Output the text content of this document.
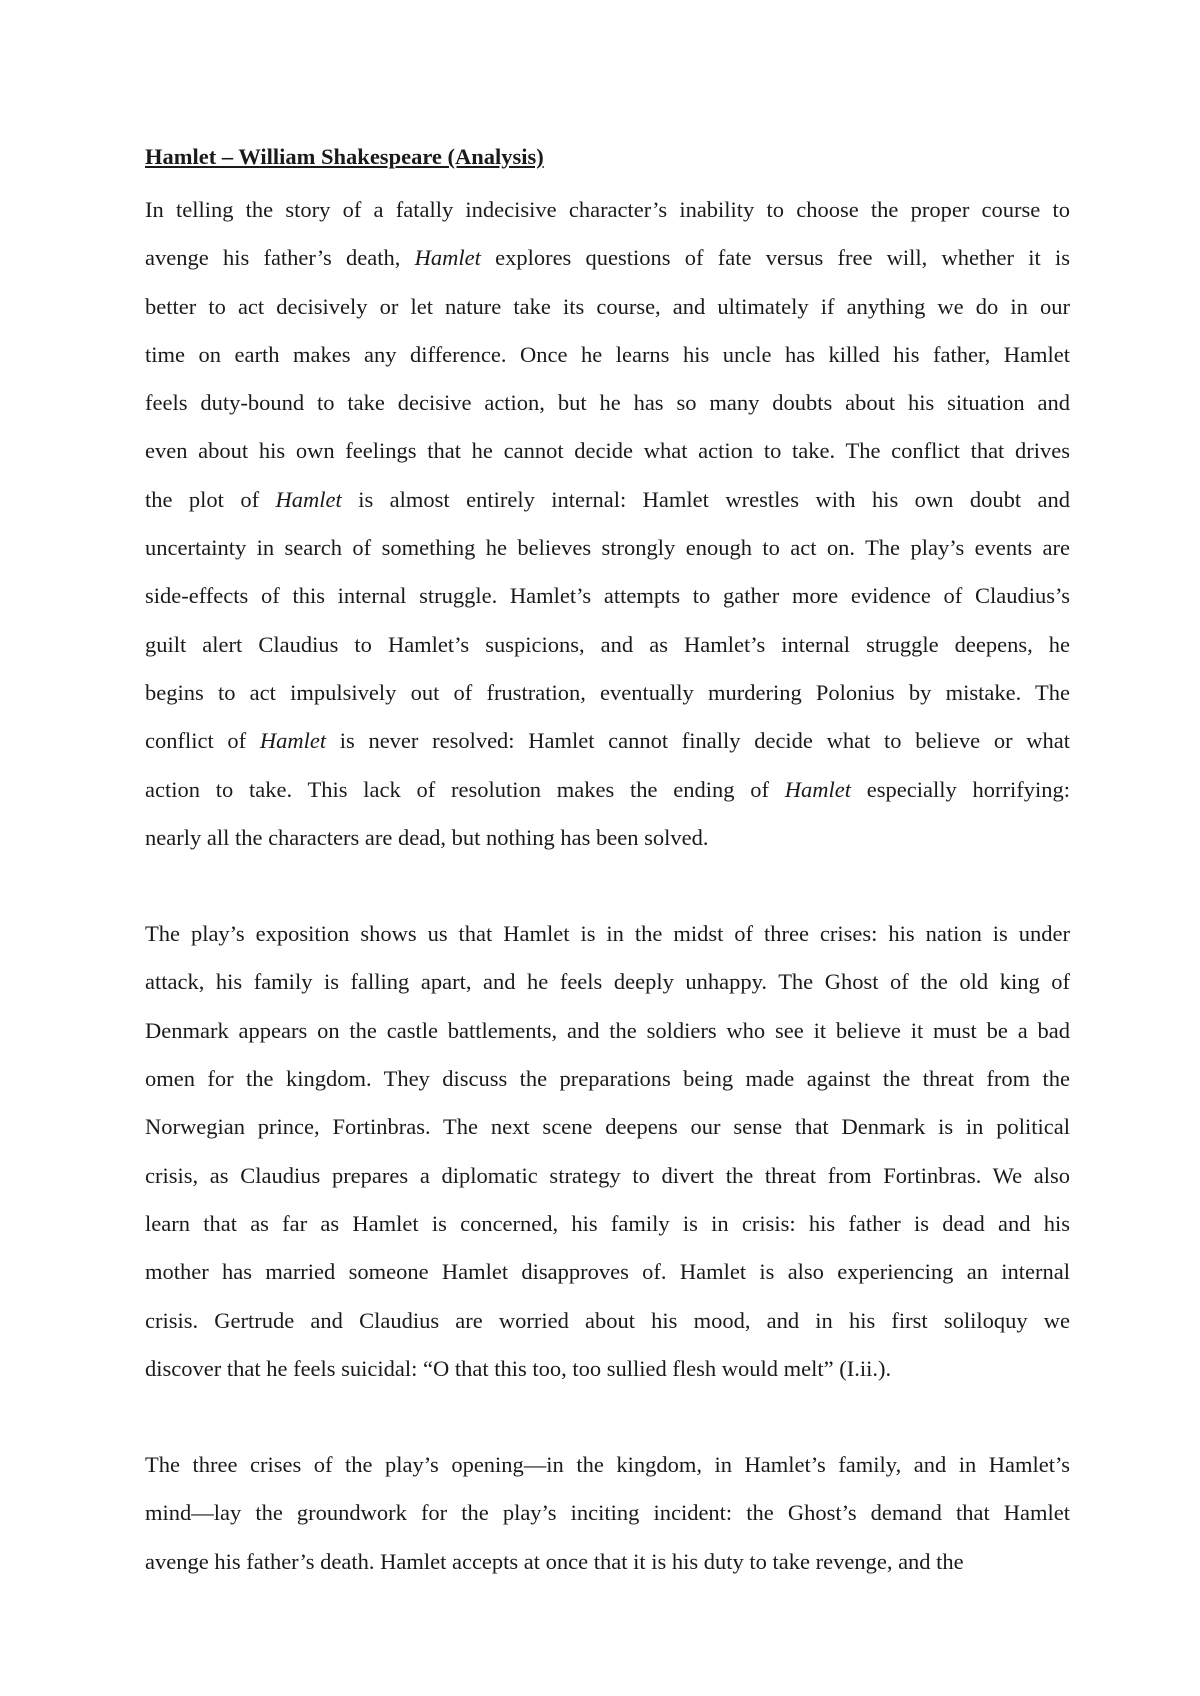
Hamlet – William Shakespeare (Analysis)

In telling the story of a fatally indecisive character’s inability to choose the proper course to
avenge his father’s death, Hamlet explores questions of fate versus free will, whether it is
better to act decisively or let nature take its course, and ultimately if anything we do in our
time on earth makes any difference. Once he learns his uncle has killed his father, Hamlet
feels duty-bound to take decisive action, but he has so many doubts about his situation and
even about his own feelings that he cannot decide what action to take. The conflict that drives
the plot of Hamlet is almost entirely internal: Hamlet wrestles with his own doubt and
uncertainty in search of something he believes strongly enough to act on. The play’s events are
side-effects of this internal struggle. Hamlet’s attempts to gather more evidence of Claudius’s
guilt alert Claudius to Hamlet’s suspicions, and as Hamlet’s internal struggle deepens, he
begins to act impulsively out of frustration, eventually murdering Polonius by mistake. The
conflict of Hamlet is never resolved: Hamlet cannot finally decide what to believe or what
action to take. This lack of resolution makes the ending of Hamlet especially horrifying:
nearly all the characters are dead, but nothing has been solved.

The play’s exposition shows us that Hamlet is in the midst of three crises: his nation is under
attack, his family is falling apart, and he feels deeply unhappy. The Ghost of the old king of
Denmark appears on the castle battlements, and the soldiers who see it believe it must be a bad
omen for the kingdom. They discuss the preparations being made against the threat from the
Norwegian prince, Fortinbras. The next scene deepens our sense that Denmark is in political
crisis, as Claudius prepares a diplomatic strategy to divert the threat from Fortinbras. We also
learn that as far as Hamlet is concerned, his family is in crisis: his father is dead and his
mother has married someone Hamlet disapproves of. Hamlet is also experiencing an internal
crisis. Gertrude and Claudius are worried about his mood, and in his first soliloquy we
discover that he feels suicidal: “O that this too, too sullied flesh would melt” (I.ii.).

The three crises of the play’s opening—in the kingdom, in Hamlet’s family, and in Hamlet’s
mind—lay the groundwork for the play’s inciting incident: the Ghost’s demand that Hamlet
avenge his father’s death. Hamlet accepts at once that it is his duty to take revenge, and the
